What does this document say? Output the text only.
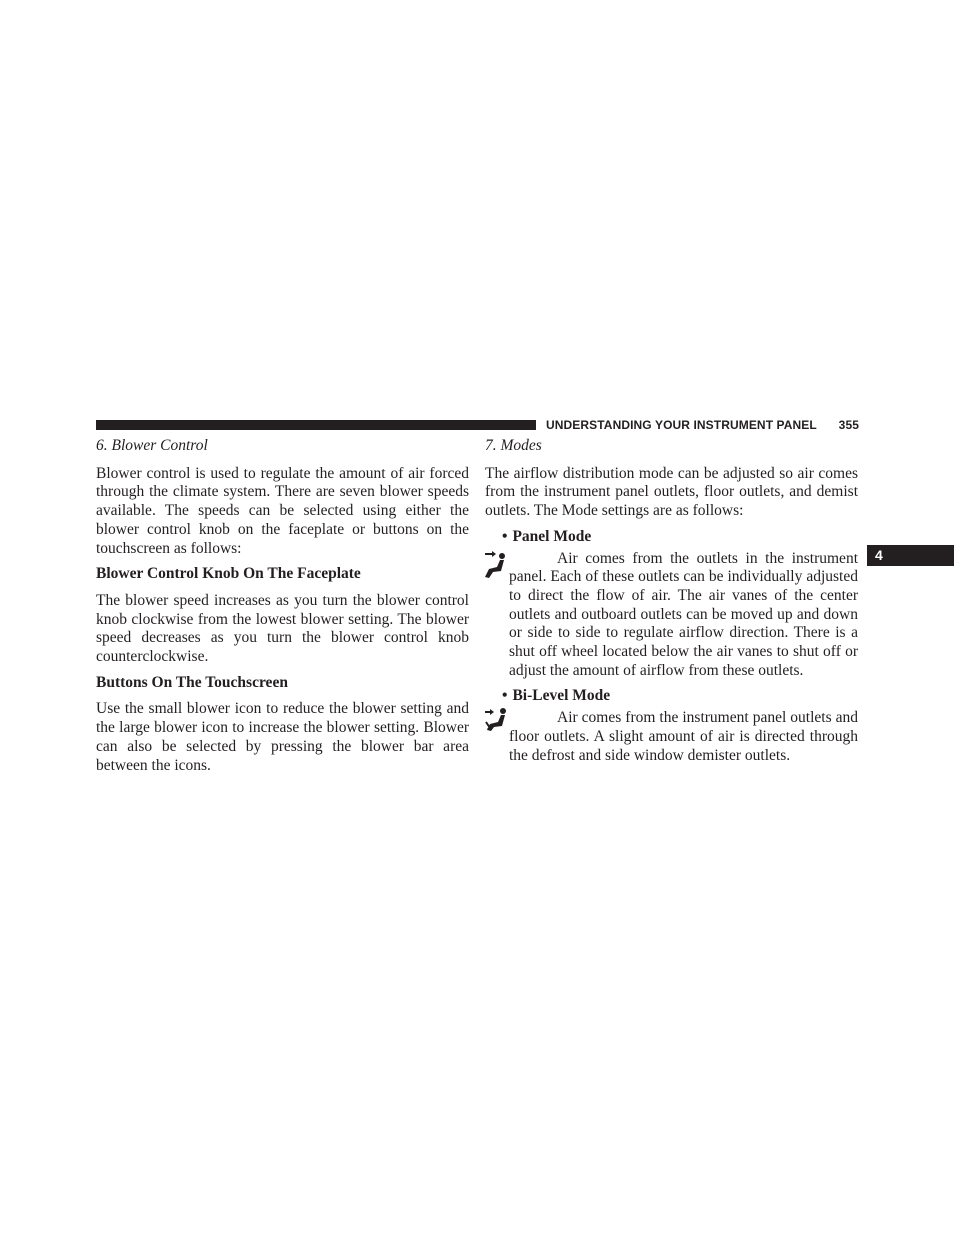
UNDERSTANDING YOUR INSTRUMENT PANEL 355
4

6. Blower Control

Blower control is used to regulate the amount of air forced through the climate system. There are seven blower speeds available. The speeds can be selected using either the blower control knob on the faceplate or buttons on the touchscreen as follows:

Blower Control Knob On The Faceplate

The blower speed increases as you turn the blower control knob clockwise from the lowest blower setting. The blower speed decreases as you turn the blower control knob counterclockwise.

Buttons On The Touchscreen

Use the small blower icon to reduce the blower setting and the large blower icon to increase the blower setting. Blower can also be selected by pressing the blower bar area between the icons.

7. Modes

The airflow distribution mode can be adjusted so air comes from the instrument panel outlets, floor outlets, and demist outlets. The Mode settings are as follows:

• Panel Mode

Air comes from the outlets in the instrument panel. Each of these outlets can be individually adjusted to direct the flow of air. The air vanes of the center outlets and outboard outlets can be moved up and down or side to side to regulate airflow direction. There is a shut off wheel located below the air vanes to shut off or adjust the amount of airflow from these outlets.

• Bi-Level Mode

Air comes from the instrument panel outlets and floor outlets. A slight amount of air is directed through the defrost and side window demister outlets.
